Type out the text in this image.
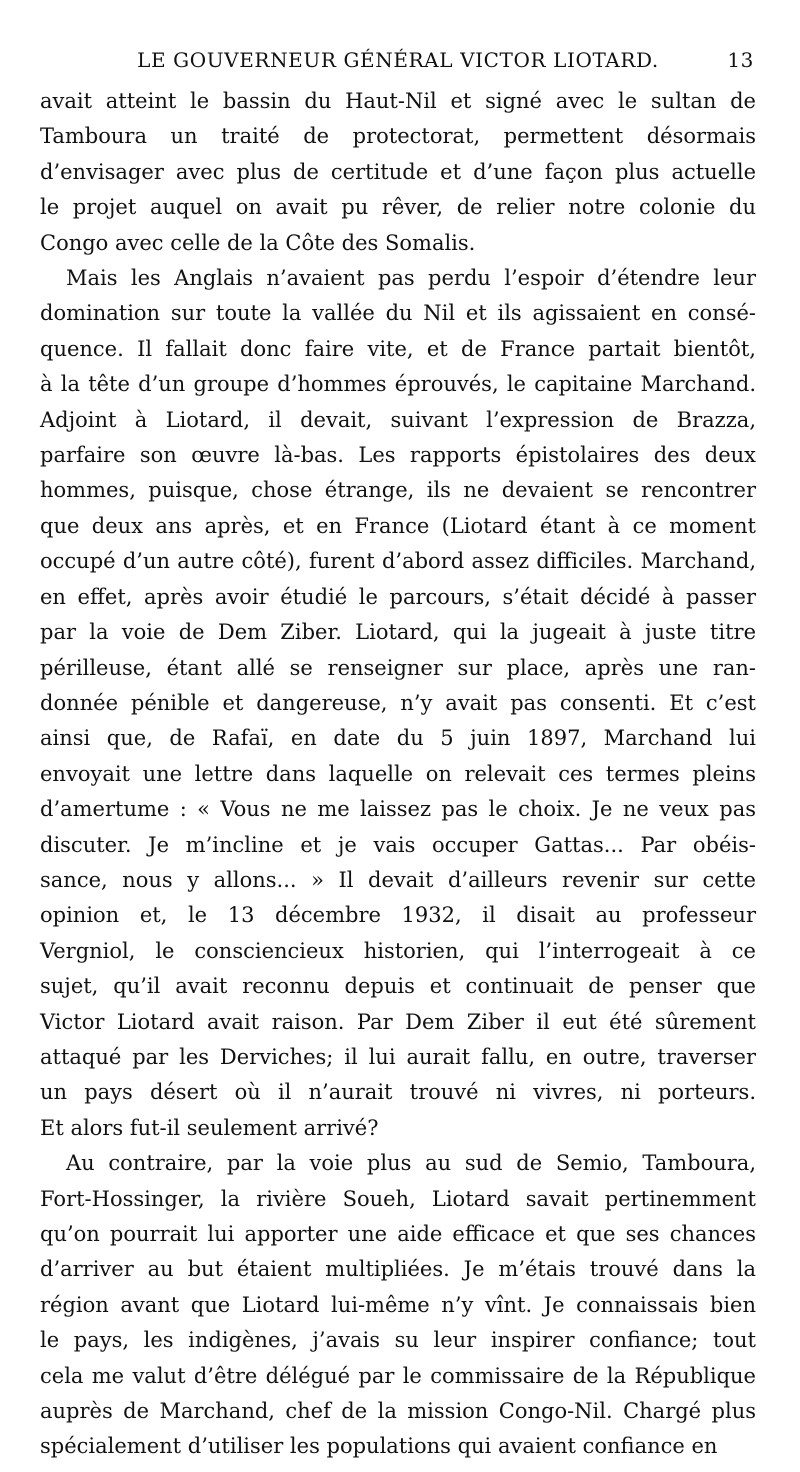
LE GOUVERNEUR GÉNÉRAL VICTOR LIOTARD.	13
avait atteint le bassin du Haut-Nil et signé avec le sultan de
Tamboura un traité de protectorat, permettent désormais
d’envisager avec plus de certitude et d’une façon plus actuelle
le projet auquel on avait pu rêver, de relier notre colonie du
Congo avec celle de la Côte des Somalis.
Mais les Anglais n’avaient pas perdu l’espoir d’étendre leur
domination sur toute la vallée du Nil et ils agissaient en consé-
quence. Il fallait donc faire vite, et de France partait bientôt,
à la tête d’un groupe d’hommes éprouvés, le capitaine Marchand.
Adjoint à Liotard, il devait, suivant l’expression de Brazza,
parfaire son œuvre là-bas. Les rapports épistolaires des deux
hommes, puisque, chose étrange, ils ne devaient se rencontrer
que deux ans après, et en France (Liotard étant à ce moment
occupé d’un autre côté), furent d’abord assez difficiles. Marchand,
en effet, après avoir étudié le parcours, s’était décidé à passer
par la voie de Dem Ziber. Liotard, qui la jugeait à juste titre
périlleuse, étant allé se renseigner sur place, après une ran-
donnée pénible et dangereuse, n’y avait pas consenti. Et c’est
ainsi que, de Rafaï, en date du 5 juin 1897, Marchand lui
envoyait une lettre dans laquelle on relevait ces termes pleins
d’amertume : « Vous ne me laissez pas le choix. Je ne veux pas
discuter. Je m’incline et je vais occuper Gattas... Par obéis-
sance, nous y allons... » Il devait d’ailleurs revenir sur cette
opinion et, le 13 décembre 1932, il disait au professeur
Vergniol, le consciencieux historien, qui l’interrogeait à ce
sujet, qu’il avait reconnu depuis et continuait de penser que
Victor Liotard avait raison. Par Dem Ziber il eut été sûrement
attaqué par les Derviches; il lui aurait fallu, en outre, traverser
un pays désert où il n’aurait trouvé ni vivres, ni porteurs.
Et alors fut-il seulement arrivé?
Au contraire, par la voie plus au sud de Semio, Tamboura,
Fort-Hossinger, la rivière Soueh, Liotard savait pertinemment
qu’on pourrait lui apporter une aide efficace et que ses chances
d’arriver au but étaient multipliées. Je m’étais trouvé dans la
région avant que Liotard lui-même n’y vînt. Je connaissais bien
le pays, les indigènes, j’avais su leur inspirer confiance; tout
cela me valut d’être délégué par le commissaire de la République
auprès de Marchand, chef de la mission Congo-Nil. Chargé plus
spécialement d’utiliser les populations qui avaient confiance en
